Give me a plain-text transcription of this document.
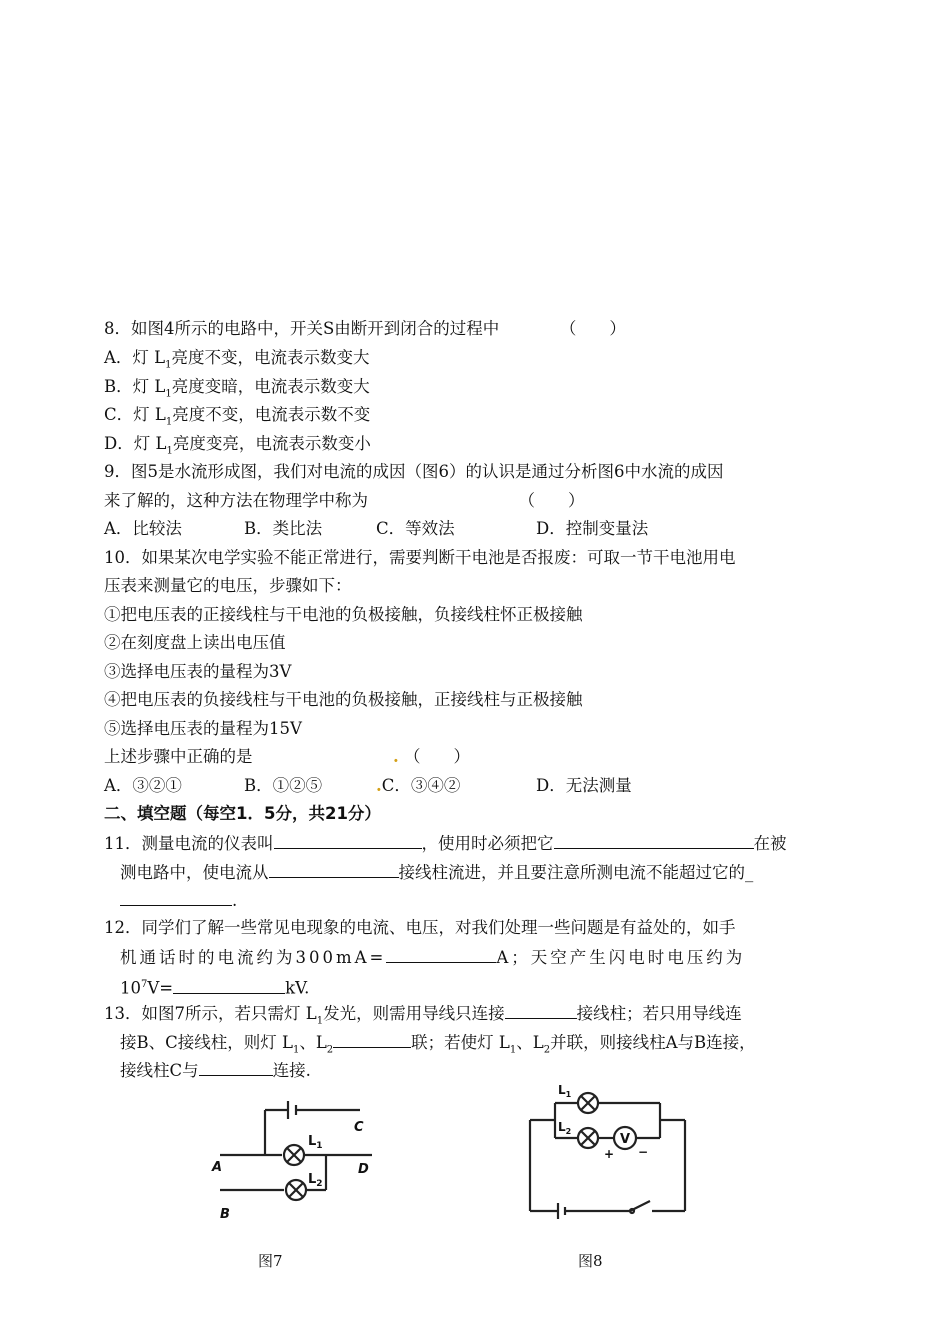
8．如图4所示的电路中，开关S由断开到闭合的过程中	（　　）
A．灯 $L_1$亮度不变，电流表示数变大
B．灯 $L_1$亮度变暗，电流表示数变大
C．灯 $L_1$亮度不变，电流表示数不变
D．灯 $L_1$亮度变亮，电流表示数变小
9．图5是水流形成图，我们对电流的成因（图6）的认识是通过分析图6中水流的成因
来了解的，这种方法在物理学中称为	（　　）
A．比较法	B．类比法	C．等效法	D．控制变量法
10．如果某次电学实验不能正常进行，需要判断干电池是否报废：可取一节干电池用电
压表来测量它的电压，步骤如下：
①把电压表的正接线柱与干电池的负极接触，负接线柱怀正极接触
②在刻度盘上读出电压值
③选择电压表的量程为3V
④把电压表的负接线柱与干电池的负极接触，正接线柱与正极接触
⑤选择电压表的量程为15V
上述步骤中正确的是	. （　　）
A．③②①	B．①②⑤	.C．③④②	D．无法测量
二、填空题（每空1．5分，共21分）
11．测量电流的仪表叫	，使用时必须把它	在被
测电路中，使电流从	接线柱流进，并且要注意所测电流不能超过它的_
.
12．同学们了解一些常见电现象的电流、电压，对我们处理一些问题是有益处的，如手
机通话时的电流约为300mA=	A；天空产生闪电时电压约为
$10^7V=$	kV.
13．如图7所示，若只需灯 $L_1$发光，则需用导线只连接	接线柱；若只用导线连
接B、C接线柱，则灯 $L_1$、$L_2$	联；若使灯 $L_1$、$L_2$并联，则接线柱A与B连接，
接线柱C与	连接.
A
B
C
D
$L_1$
$L_2$
图7
$L_1$
$L_2$
V
+ −
图8
